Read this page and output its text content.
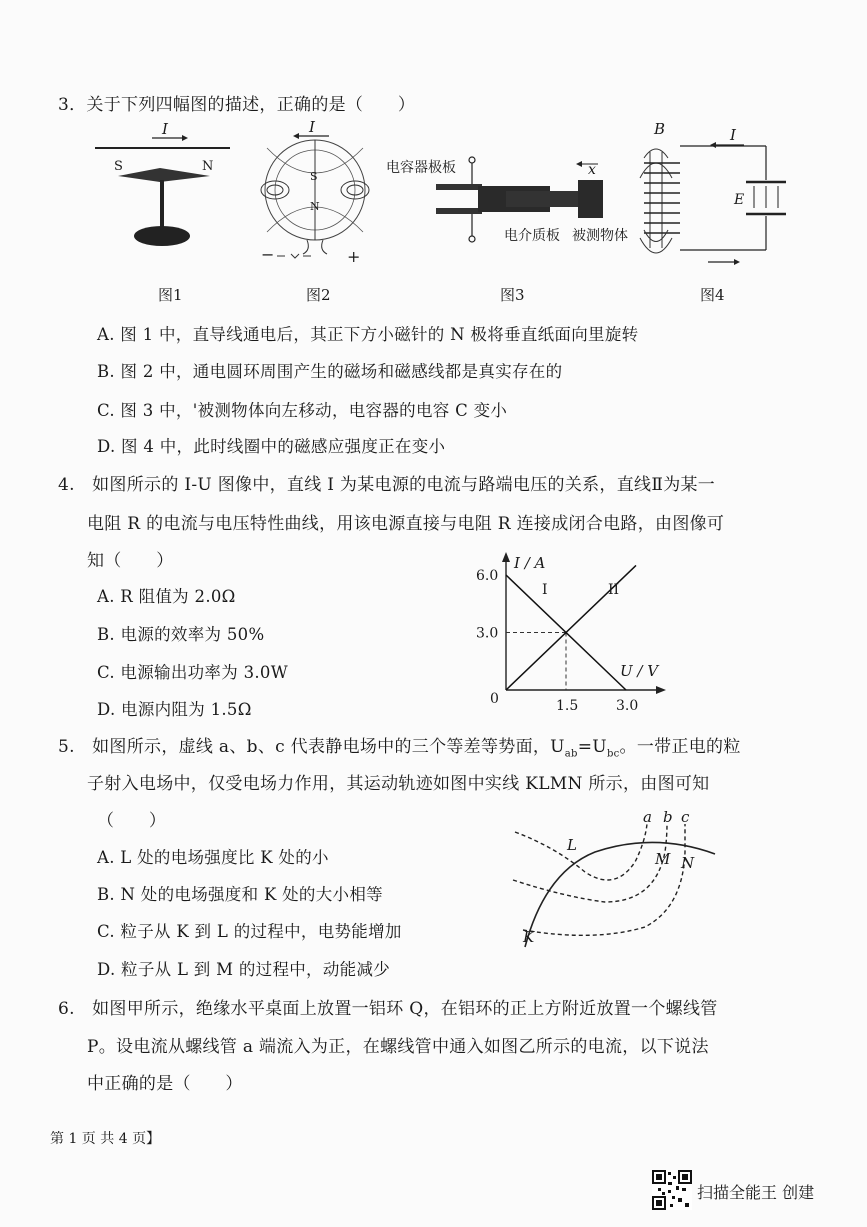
3．关于下列四幅图的描述，正确的是（　　）
I
S	N
图1
I
S
N
−	+
图2
电容器极板	x
电介质板 被测物体
图3
B	I
E
图4
A. 图 1 中，直导线通电后，其正下方小磁针的 N 极将垂直纸面向里旋转
B. 图 2 中，通电圆环周围产生的磁场和磁感线都是真实存在的
C. 图 3 中，'被测物体向左移动，电容器的电容 C 变小
D. 图 4 中，此时线圈中的磁感应强度正在变小
4.　如图所示的 I-U 图像中，直线 I 为某电源的电流与路端电压的关系，直线Ⅱ为某一
电阻 R 的电流与电压特性曲线，用该电源直接与电阻 R 连接成闭合电路，由图像可
知（　　）
A. R 阻值为 2.0Ω
B. 电源的效率为 50%
C. 电源输出功率为 3.0W
D. 电源内阻为 1.5Ω
I / A
U / V
0
I	II
1.5	3.0
3.0
6.0
5.　如图所示，虚线 a、b、c 代表静电场中的三个等差等势面，$U_{ab}=U_{bc}$。一带正电的粒
子射入电场中，仅受电场力作用，其运动轨迹如图中实线 KLMN 所示，由图可知
（　　）
A. L 处的电场强度比 K 处的小
B. N 处的电场强度和 K 处的大小相等
C. 粒子从 K 到 L 的过程中，电势能增加
D. 粒子从 L 到 M 的过程中，动能减少
a b c
L
M N
K
6.　如图甲所示，绝缘水平桌面上放置一铝环 Q，在铝环的正上方附近放置一个螺线管
P。设电流从螺线管 a 端流入为正，在螺线管中通入如图乙所示的电流，以下说法
中正确的是（　　）
第 1 页 共 4 页】
扫描全能王 创建
